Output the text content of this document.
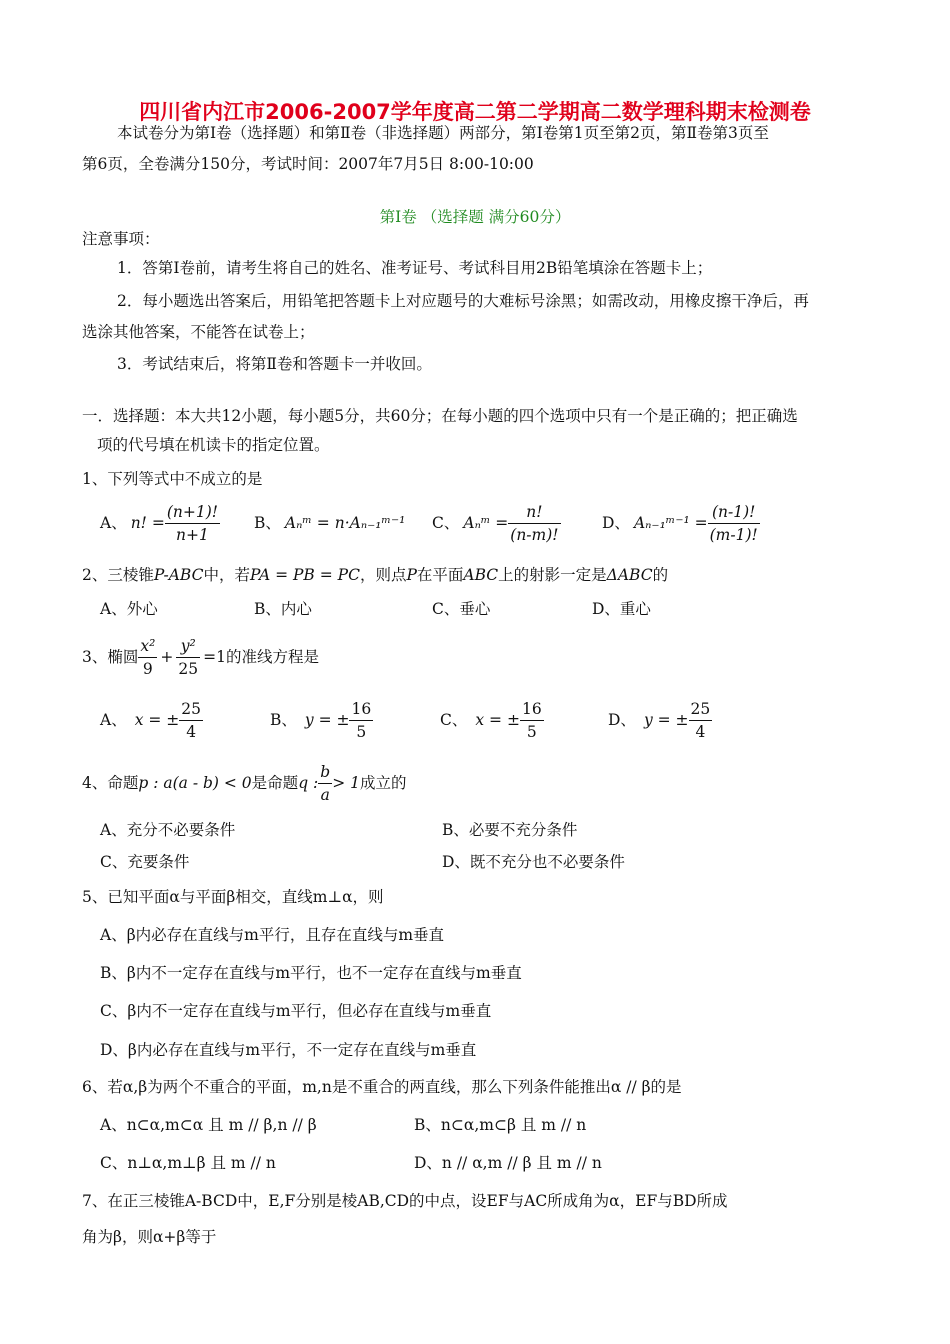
四川省内江市2006-2007学年度高二第二学期高二数学理科期末检测卷
本试卷分为第Ⅰ卷（选择题）和第Ⅱ卷（非选择题）两部分，第Ⅰ卷第1页至第2页，第Ⅱ卷第3页至
第6页，全卷满分150分，考试时间：2007年7月5日 8:00-10:00
第Ⅰ卷 （选择题 满分60分）
注意事项：
1．答第Ⅰ卷前，请考生将自己的姓名、准考证号、考试科目用2B铅笔填涂在答题卡上；
2．每小题选出答案后，用铅笔把答题卡上对应题号的大难标号涂黑；如需改动，用橡皮擦干净后，再
选涂其他答案，不能答在试卷上；
3．考试结束后，将第Ⅱ卷和答题卡一并收回。
一．选择题：本大共12小题，每小题5分，共60分；在每小题的四个选项中只有一个是正确的；把正确选
项的代号填在机读卡的指定位置。
1、下列等式中不成立的是
A、 n! = $\frac{(n+1)!}{n+1}$ B、 Aₙᵐ = n·Aₙ₋₁ᵐ⁻¹ C、 Aₙᵐ = $\frac{n!}{(n-m)!}$	D、 Aₙ₋₁ᵐ⁻¹ = $\frac{(n-1)!}{(m-1)!}$
2、三棱锥P-ABC中，若PA = PB = PC，则点P在平面ABC上的射影一定是ΔABC的
A、外心	B、内心	C、垂心	D、重心
3、椭圆 $\frac{\text{x²}}{9} + \frac{\text{y²}}{25} =1$ 的准线方程是
A、 x = ± $\frac{25}{4}$	B、 y = ± $\frac{16}{5}$	C、 x = ± $\frac{16}{5}$	D、 y = ± $\frac{25}{4}$
4、命题 p : a(a - b) < 0 是命题 q : $\frac{b}{a} > 1$ 成立的
A、充分不必要条件	B、必要不充分条件
C、充要条件	D、既不充分也不必要条件
5、已知平面α与平面β相交，直线m⊥α，则
A、β内必存在直线与m平行，且存在直线与m垂直
B、β内不一定存在直线与m平行，也不一定存在直线与m垂直
C、β内不一定存在直线与m平行，但必存在直线与m垂直
D、β内必存在直线与m平行，不一定存在直线与m垂直
6、若α,β为两个不重合的平面，m,n是不重合的两直线，那么下列条件能推出α // β的是
A、n⊂α,m⊂α 且 m // β,n // β	B、n⊂α,m⊂β 且 m // n
C、n⊥α,m⊥β 且 m // n	D、n // α,m // β 且 m // n
7、在正三棱锥A-BCD中，E,F分别是棱AB,CD的中点，设EF与AC所成角为α，EF与BD所成
角为β，则α+β等于
